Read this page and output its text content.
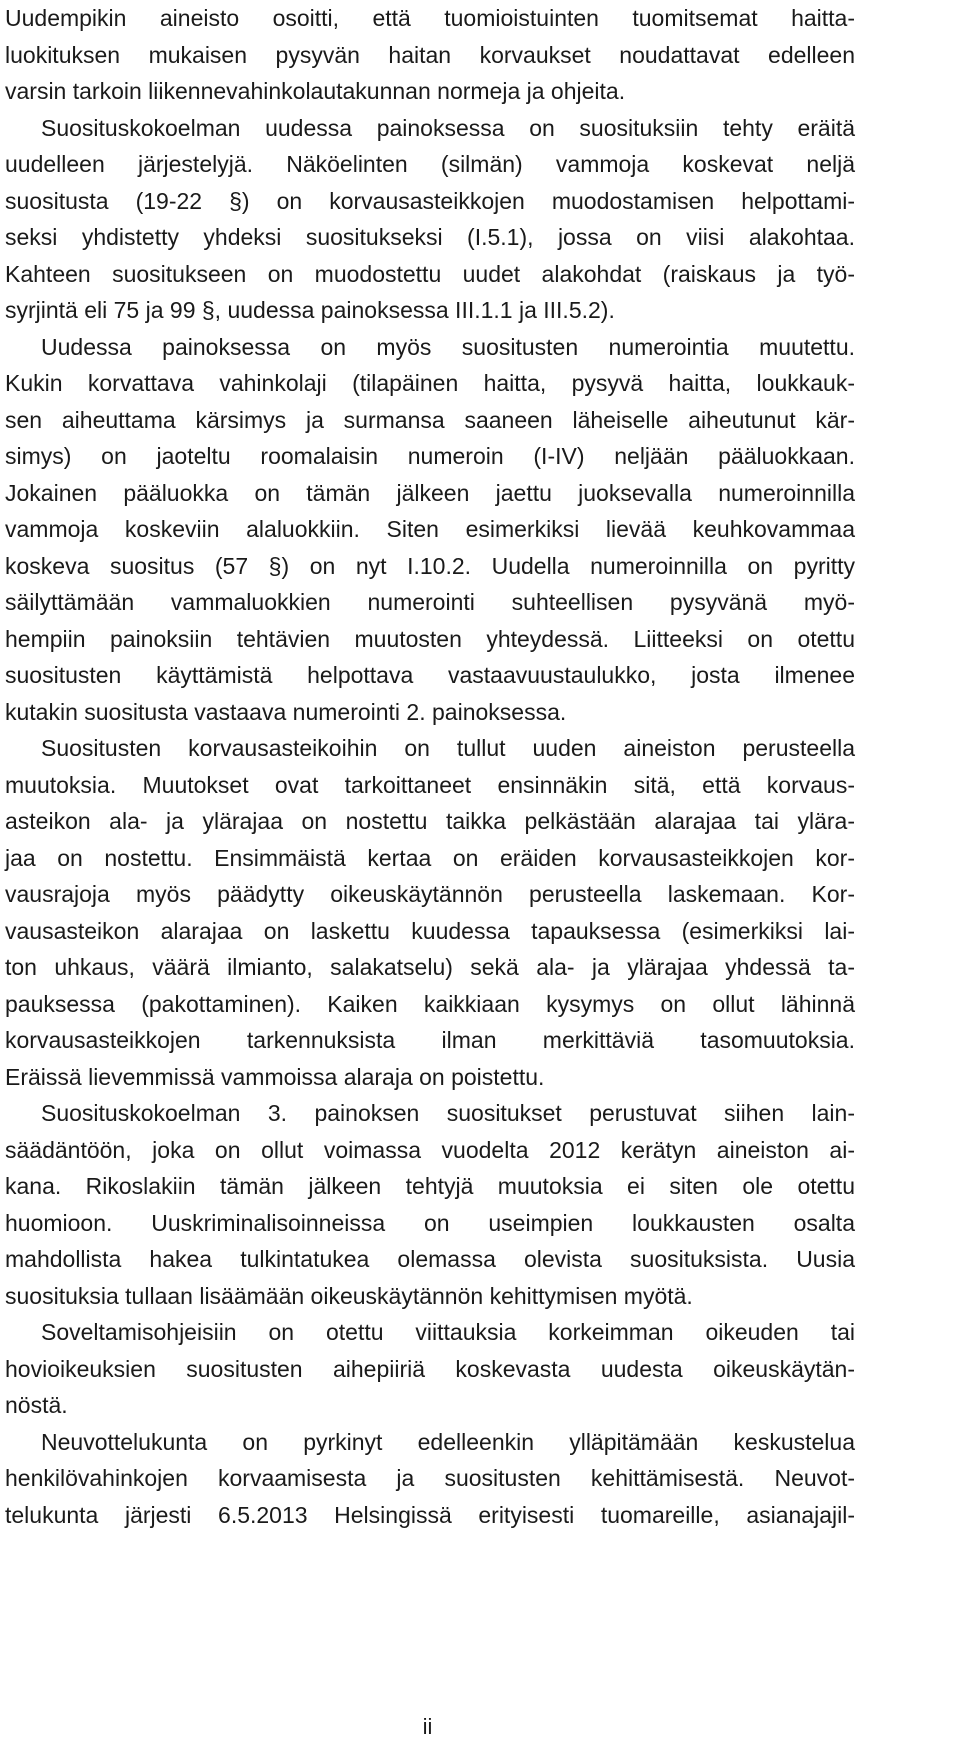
Uudempikin aineisto osoitti, että tuomioistuinten tuomitsemat haitta-
luokituksen mukaisen pysyvän haitan korvaukset noudattavat edelleen
varsin tarkoin liikennevahinkolautakunnan normeja ja ohjeita.
Suosituskokoelman uudessa painoksessa on suosituksiin tehty eräitä
uudelleen järjestelyjä. Näköelinten (silmän) vammoja koskevat neljä
suositusta (19-22 §) on korvausasteikkojen muodostamisen helpottami-
seksi yhdistetty yhdeksi suositukseksi (I.5.1), jossa on viisi alakohtaa.
Kahteen suositukseen on muodostettu uudet alakohdat (raiskaus ja työ-
syrjintä eli 75 ja 99 §, uudessa painoksessa III.1.1 ja III.5.2).
Uudessa painoksessa on myös suositusten numerointia muutettu.
Kukin korvattava vahinkolaji (tilapäinen haitta, pysyvä haitta, loukkauk-
sen aiheuttama kärsimys ja surmansa saaneen läheiselle aiheutunut kär-
simys) on jaoteltu roomalaisin numeroin (I-IV) neljään pääluokkaan.
Jokainen pääluokka on tämän jälkeen jaettu juoksevalla numeroinnilla
vammoja koskeviin alaluokkiin. Siten esimerkiksi lievää keuhkovammaa
koskeva suositus (57 §) on nyt I.10.2. Uudella numeroinnilla on pyritty
säilyttämään vammaluokkien numerointi suhteellisen pysyvänä myö-
hempiin painoksiin tehtävien muutosten yhteydessä. Liitteeksi on otettu
suositusten käyttämistä helpottava vastaavuustaulukko, josta ilmenee
kutakin suositusta vastaava numerointi 2. painoksessa.
Suositusten korvausasteikoihin on tullut uuden aineiston perusteella
muutoksia. Muutokset ovat tarkoittaneet ensinnäkin sitä, että korvaus-
asteikon ala- ja ylärajaa on nostettu taikka pelkästään alarajaa tai ylära-
jaa on nostettu. Ensimmäistä kertaa on eräiden korvausasteikkojen kor-
vausrajoja myös päädytty oikeuskäytännön perusteella laskemaan. Kor-
vausasteikon alarajaa on laskettu kuudessa tapauksessa (esimerkiksi lai-
ton uhkaus, väärä ilmianto, salakatselu) sekä ala- ja ylärajaa yhdessä ta-
pauksessa (pakottaminen). Kaiken kaikkiaan kysymys on ollut lähinnä
korvausasteikkojen tarkennuksista ilman merkittäviä tasomuutoksia.
Eräissä lievemmissä vammoissa alaraja on poistettu.
Suosituskokoelman 3. painoksen suositukset perustuvat siihen lain-
säädäntöön, joka on ollut voimassa vuodelta 2012 kerätyn aineiston ai-
kana. Rikoslakiin tämän jälkeen tehtyjä muutoksia ei siten ole otettu
huomioon. Uuskriminalisoinneissa on useimpien loukkausten osalta
mahdollista hakea tulkintatukea olemassa olevista suosituksista. Uusia
suosituksia tullaan lisäämään oikeuskäytännön kehittymisen myötä.
Soveltamisohjeisiin on otettu viittauksia korkeimman oikeuden tai
hovioikeuksien suositusten aihepiiriä koskevasta uudesta oikeuskäytän-
nöstä.
Neuvottelukunta on pyrkinyt edelleenkin ylläpitämään keskustelua
henkilövahinkojen korvaamisesta ja suositusten kehittämisestä. Neuvot-
telukunta järjesti 6.5.2013 Helsingissä erityisesti tuomareille, asianajajil-
ii
